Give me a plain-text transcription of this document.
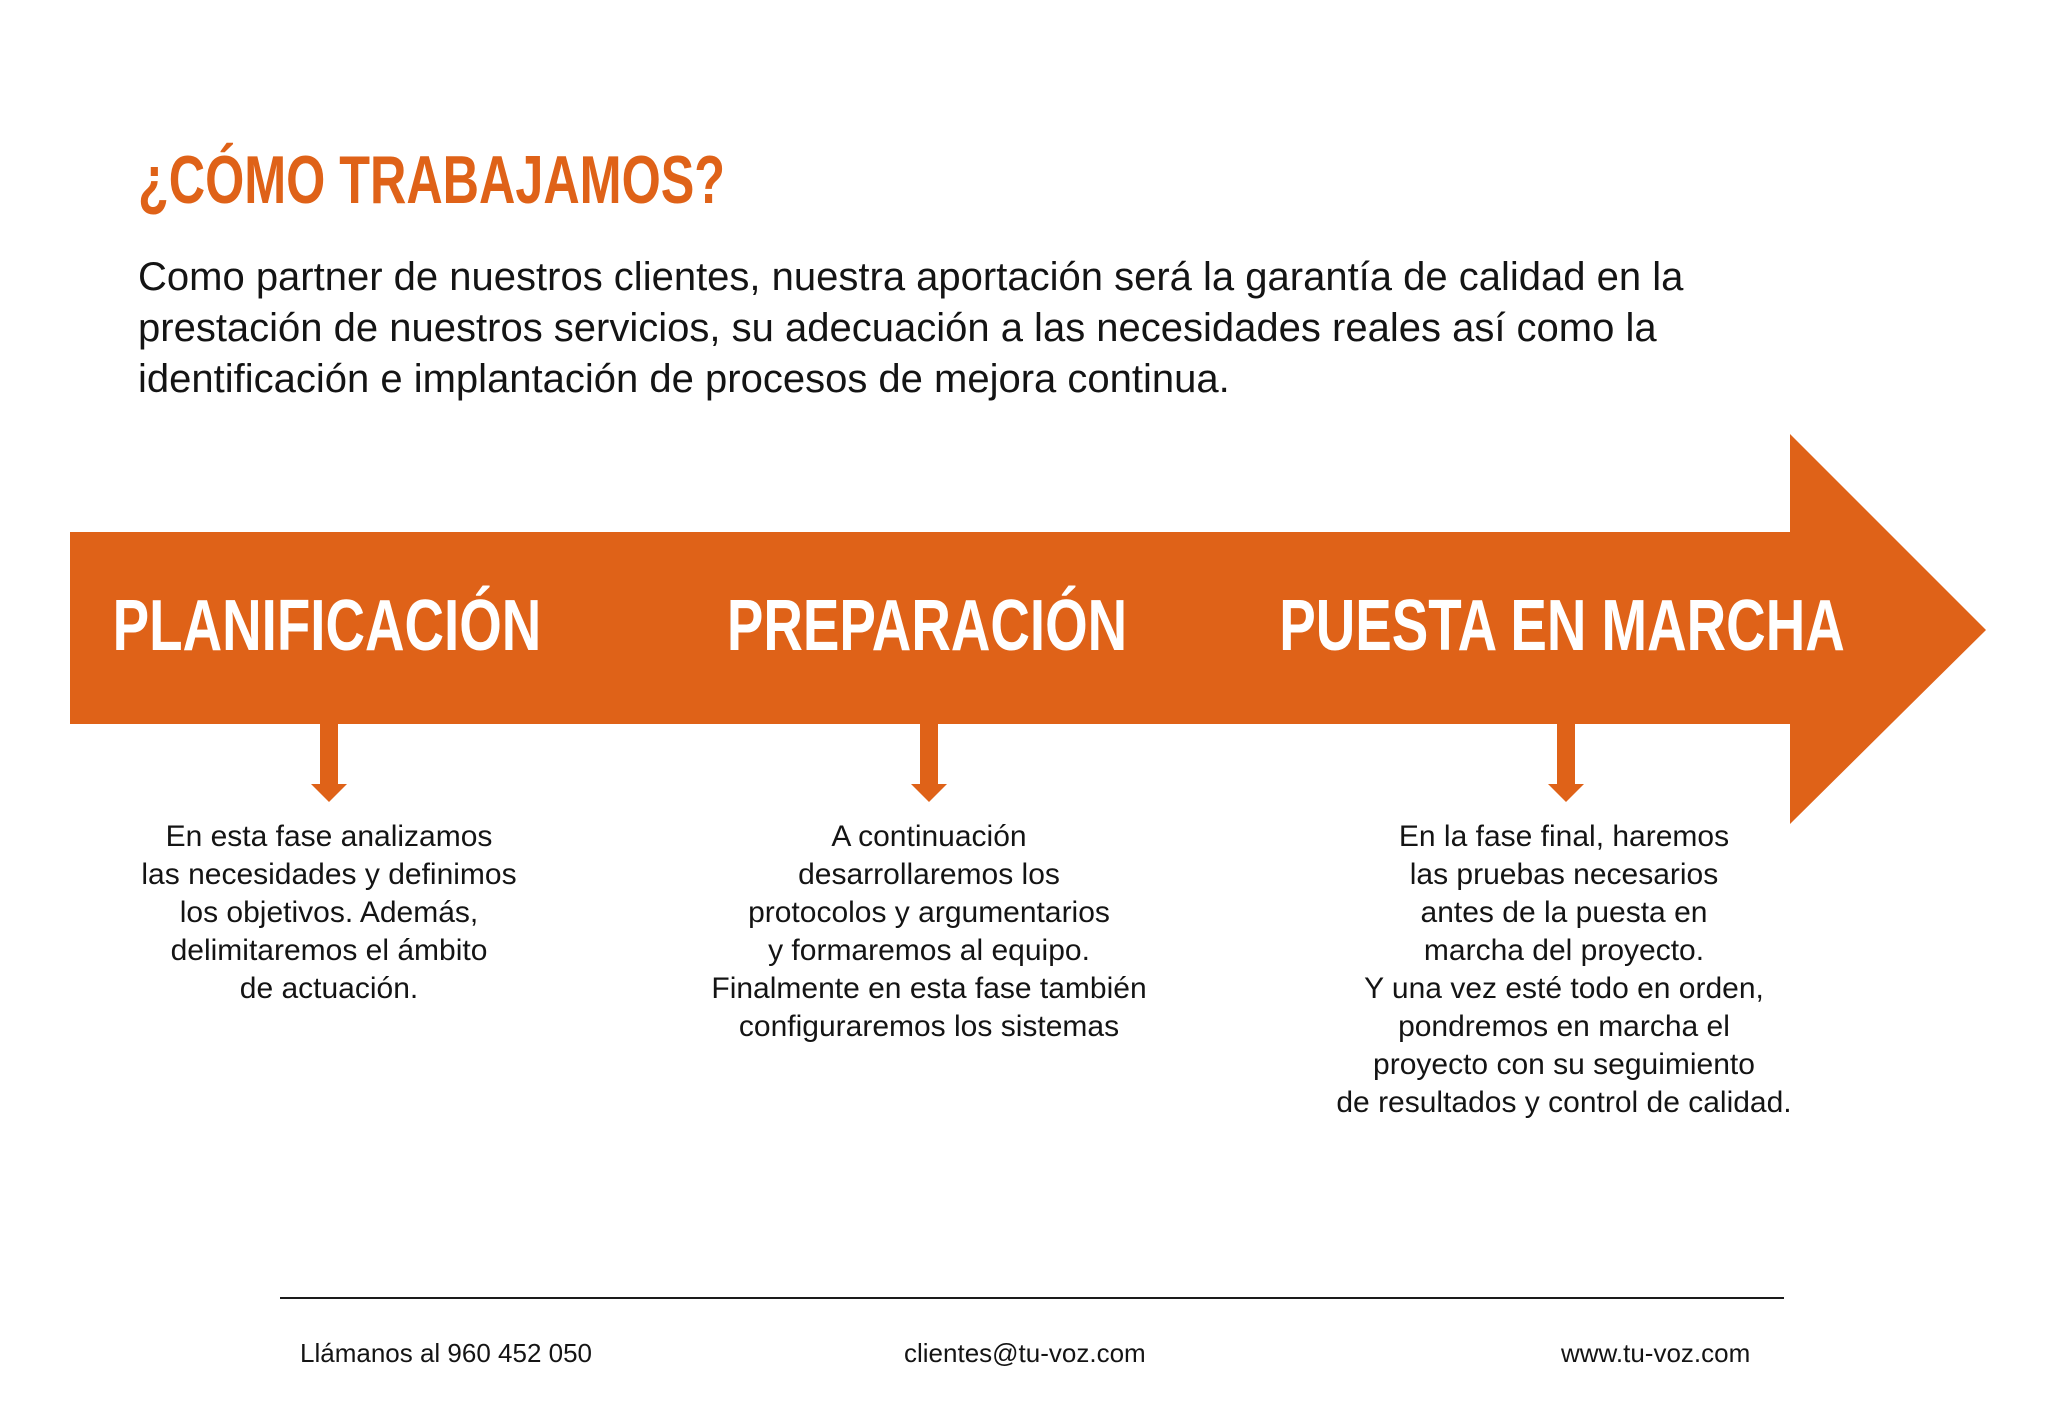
¿CÓMO TRABAJAMOS?

Como partner de nuestros clientes, nuestra aportación será la garantía de calidad en la
prestación de nuestros servicios, su adecuación a las necesidades reales así como la
identificación e implantación de procesos de mejora continua.

PLANIFICACIÓN	PREPARACIÓN PUESTA EN MARCHA
En esta fase analizamos
las necesidades y definimos
los objetivos. Además,
delimitaremos el ámbito
de actuación.
A continuación
desarrollaremos los
protocolos y argumentarios
y formaremos al equipo.
Finalmente en esta fase también
configuraremos los sistemas
En la fase final, haremos
las pruebas necesarios
antes de la puesta en
marcha del proyecto.
Y una vez esté todo en orden,
pondremos en marcha el
proyecto con su seguimiento
de resultados y control de calidad.
Llámanos al 960 452 050	clientes@tu-voz.com	www.tu-voz.com
